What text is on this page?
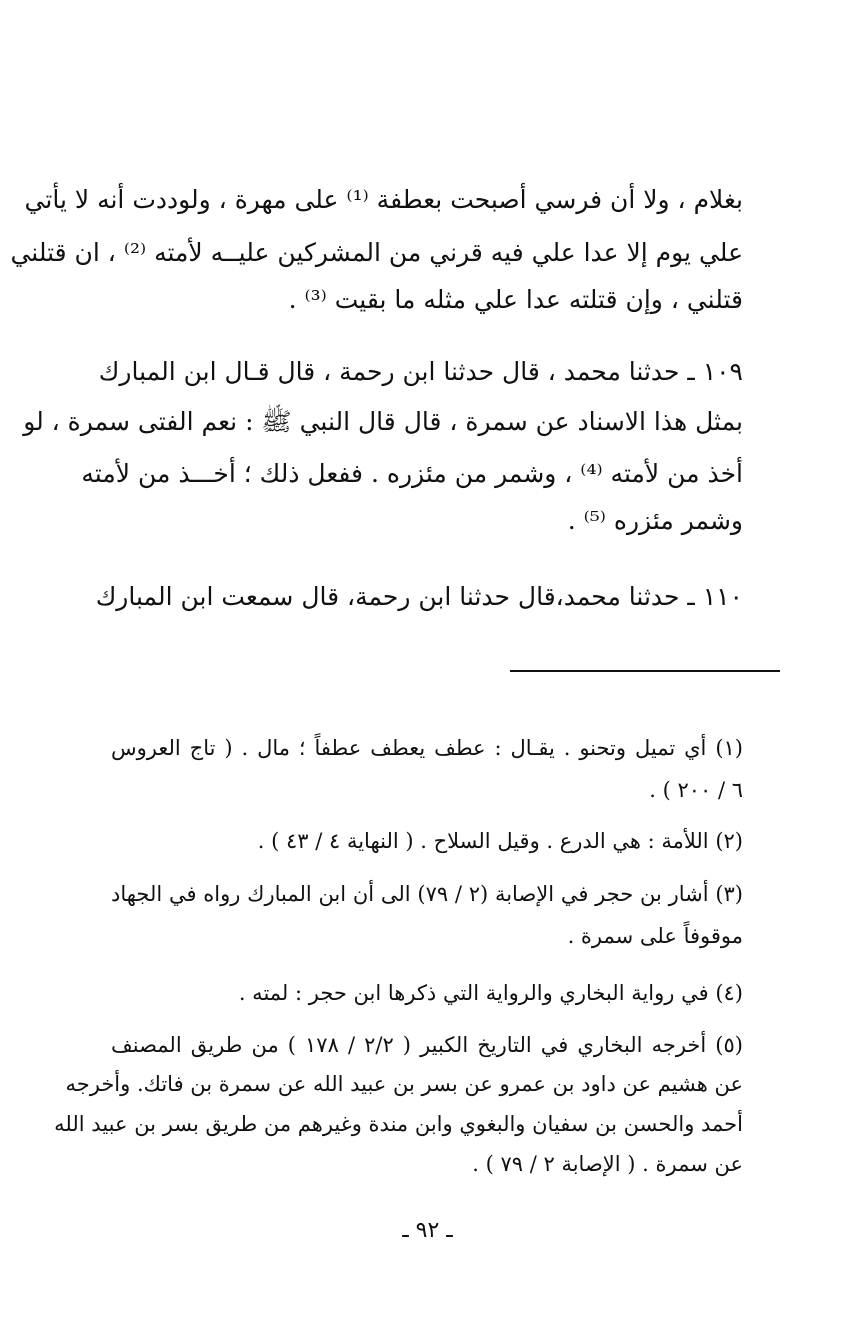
بغلام ، ولا أن فرسي أصبحت بعطفة ⁽¹⁾ على مهرة ، ولوددت أنه لا يأتي
علي يوم إلا عدا علي فيه قرني من المشركين عليــه لأمته ⁽²⁾ ، ان قتلني
قتلني ، وإن قتلته عدا علي مثله ما بقيت ⁽³⁾ .
١٠٩ ـ حدثنا محمد ، قال حدثنا ابن رحمة ، قال قـال ابن المبارك
بمثل هذا الاسناد عن سمرة ، قال قال النبي ﷺ : نعم الفتى سمرة ، لو
أخذ من لأمته ⁽⁴⁾ ، وشمر من مئزره . ففعل ذلك ؛ أخـــذ من لأمته
وشمر مئزره ⁽⁵⁾ .
١١٠ ـ حدثنا محمد،قال حدثنا ابن رحمة، قال سمعت ابن المبارك
(١) أي تميل وتحنو . يقـال : عطف يعطف عطفاً ؛ مال . ( تاج العروس
٦ / ٢٠٠ ) .
(٢) اللأمة : هي الدرع . وقيل السلاح . ( النهاية ٤ / ٤٣ ) .
(٣) أشار بن حجر في الإصابة (٢ / ٧٩) الى أن ابن المبارك رواه في الجهاد
موقوفاً على سمرة .
(٤) في رواية البخاري والرواية التي ذكرها ابن حجر : لمته .
(٥) أخرجه البخاري في التاريخ الكبير ( ٢/٢ / ١٧٨ ) من طريق المصنف
عن هشيم عن داود بن عمرو عن بسر بن عبيد الله عن سمرة بن فاتك. وأخرجه
أحمد والحسن بن سفيان والبغوي وابن مندة وغيرهم من طريق بسر بن عبيد الله
عن سمرة . ( الإصابة ٢ / ٧٩ ) .
ـ ٩٢ ـ
